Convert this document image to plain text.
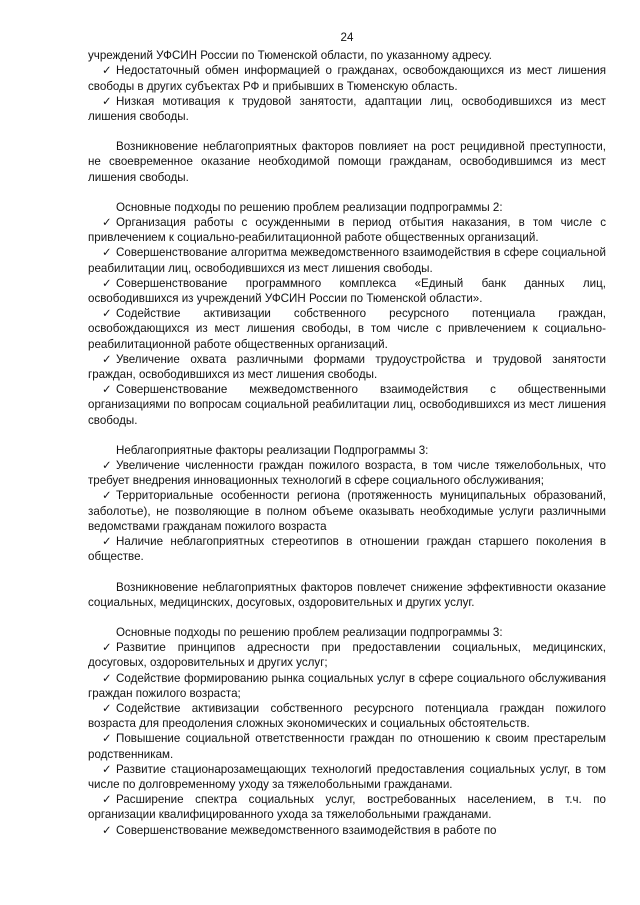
24

учреждений УФСИН России по Тюменской области, по указанному адресу.

✓ Недостаточный обмен информацией о гражданах, освобождающихся из мест лишения свободы в других субъектах РФ и прибывших в Тюменскую область.

✓ Низкая мотивация к трудовой занятости, адаптации лиц, освободившихся из мест лишения свободы.

Возникновение неблагоприятных факторов повлияет на рост рецидивной преступности, не своевременное оказание необходимой помощи гражданам, освободившимся из мест лишения свободы.

Основные подходы по решению проблем реализации подпрограммы 2:

✓ Организация работы с осужденными в период отбытия наказания, в том числе с привлечением к социально-реабилитационной работе общественных организаций.

✓ Совершенствование алгоритма межведомственного взаимодействия в сфере социальной реабилитации лиц, освободившихся из мест лишения свободы.

✓ Совершенствование программного комплекса «Единый банк данных лиц, освободившихся из учреждений УФСИН России по Тюменской области».

✓ Содействие активизации собственного ресурсного потенциала граждан, освобождающихся из мест лишения свободы, в том числе с привлечением к социально-реабилитационной работе общественных организаций.

✓ Увеличение охвата различными формами трудоустройства и трудовой занятости граждан, освободившихся из мест лишения свободы.

✓ Совершенствование межведомственного взаимодействия с общественными организациями по вопросам социальной реабилитации лиц, освободившихся из мест лишения свободы.

Неблагоприятные факторы реализации Подпрограммы 3:

✓ Увеличение численности граждан пожилого возраста, в том числе тяжелобольных, что требует внедрения инновационных технологий в сфере социального обслуживания;

✓ Территориальные особенности региона (протяженность муниципальных образований, заболотье), не позволяющие в полном объеме оказывать необходимые услуги различными ведомствами гражданам пожилого возраста

✓ Наличие неблагоприятных стереотипов в отношении граждан старшего поколения в обществе.

Возникновение неблагоприятных факторов повлечет снижение эффективности оказание социальных, медицинских, досуговых, оздоровительных и других услуг.

Основные подходы по решению проблем реализации подпрограммы 3:

✓ Развитие принципов адресности при предоставлении социальных, медицинских, досуговых, оздоровительных и других услуг;

✓ Содействие формированию рынка социальных услуг в сфере социального обслуживания граждан пожилого возраста;

✓ Содействие активизации собственного ресурсного потенциала граждан пожилого возраста для преодоления сложных экономических и социальных обстоятельств.

✓ Повышение социальной ответственности граждан по отношению к своим престарелым родственникам.

✓ Развитие стационарозамещающих технологий предоставления социальных услуг, в том числе по долговременному уходу за тяжелобольными гражданами.

✓ Расширение спектра социальных услуг, востребованных населением, в т.ч. по организации квалифицированного ухода за тяжелобольными гражданами.

✓ Совершенствование межведомственного взаимодействия в работе по
